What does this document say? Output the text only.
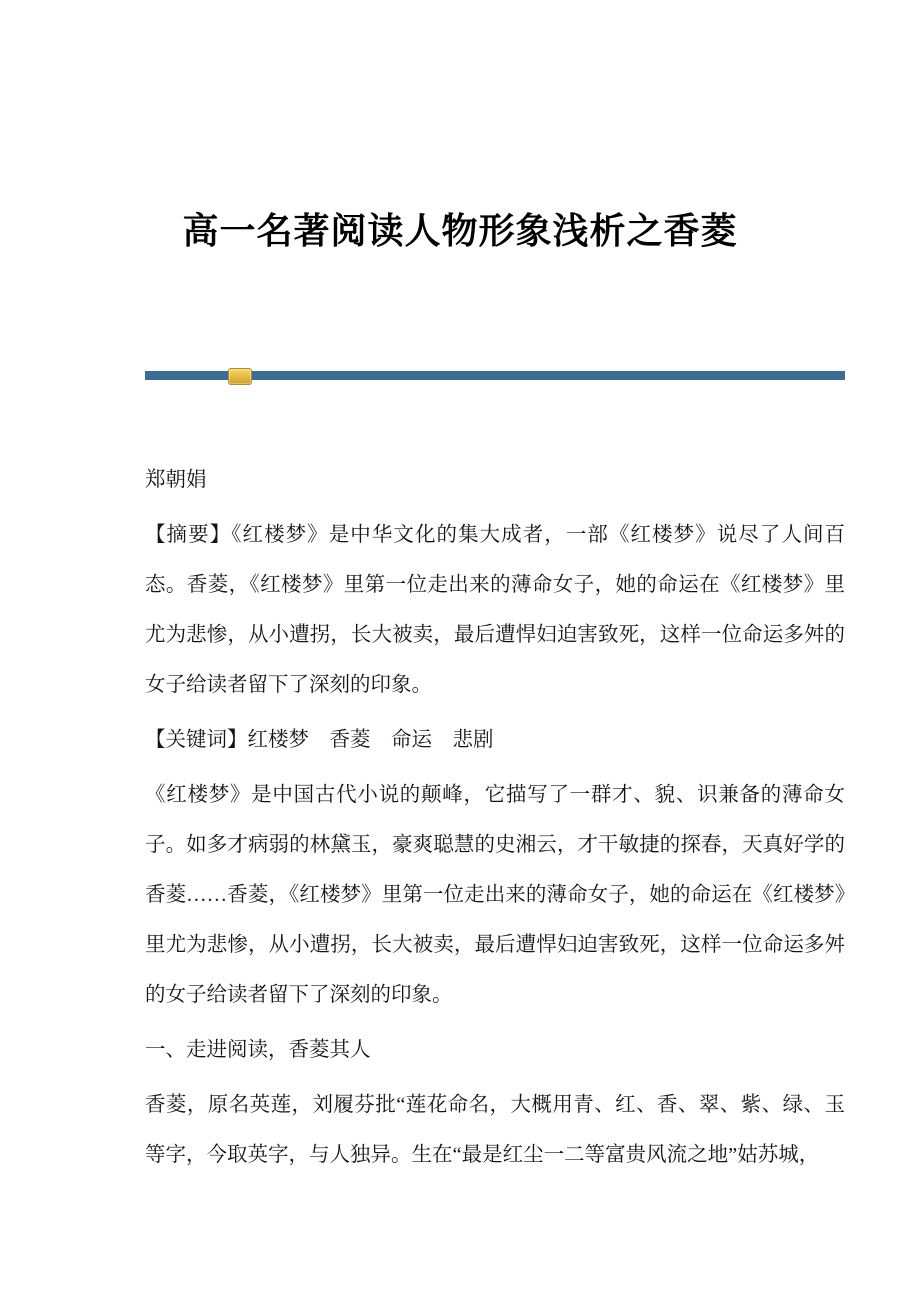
高一名著阅读人物形象浅析之香菱

郑朝娟

【摘要】《红楼梦》是中华文化的集大成者，一部《红楼梦》说尽了人间百态。香菱，《红楼梦》里第一位走出来的薄命女子，她的命运在《红楼梦》里尤为悲惨，从小遭拐，长大被卖，最后遭悍妇迫害致死，这样一位命运多舛的女子给读者留下了深刻的印象。

【关键词】红楼梦　香菱　命运　悲剧

《红楼梦》是中国古代小说的颠峰，它描写了一群才、貌、识兼备的薄命女子。如多才病弱的林黛玉，豪爽聪慧的史湘云，才干敏捷的探春，天真好学的香菱……香菱，《红楼梦》里第一位走出来的薄命女子，她的命运在《红楼梦》里尤为悲惨，从小遭拐，长大被卖，最后遭悍妇迫害致死，这样一位命运多舛的女子给读者留下了深刻的印象。

一、走进阅读，香菱其人

香菱，原名英莲，刘履芬批“莲花命名，大概用青、红、香、翠、紫、绿、玉等字，今取英字，与人独异。生在“最是红尘一二等富贵风流之地”姑苏城，
